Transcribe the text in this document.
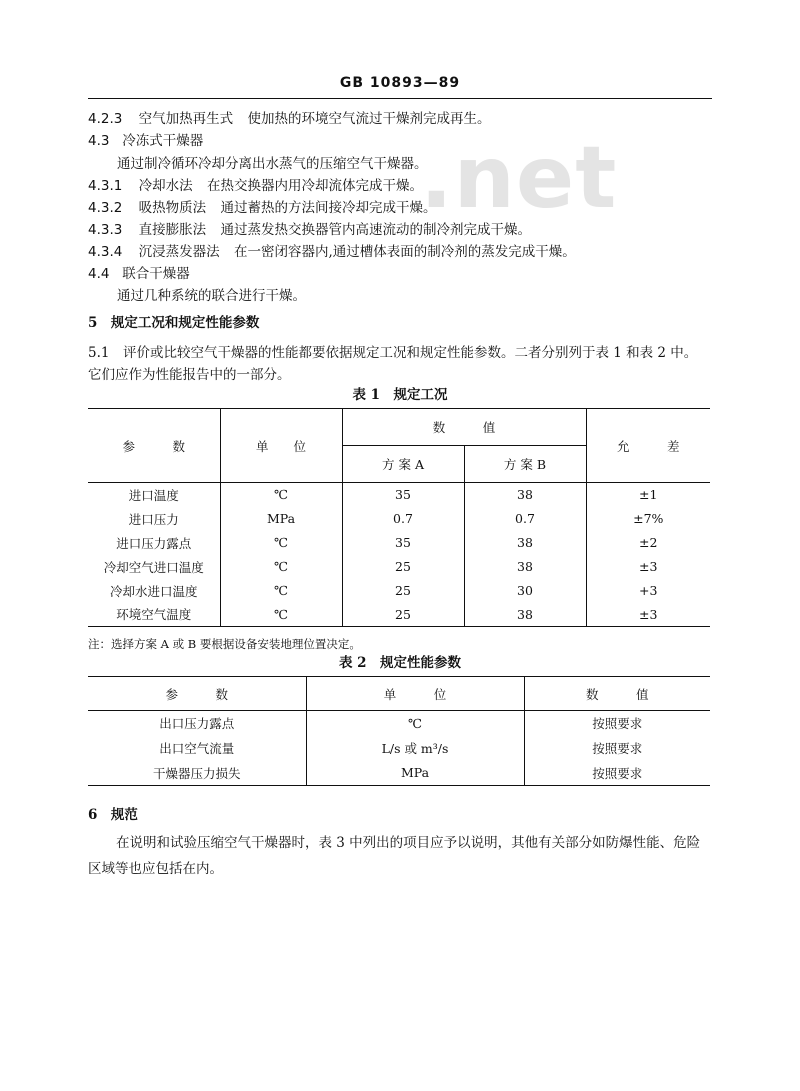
.net
GB 10893—89
4.2.3 空气加热再生式 使加热的环境空气流过干燥剂完成再生。
4.3 冷冻式干燥器
通过制冷循环冷却分离出水蒸气的压缩空气干燥器。
4.3.1 冷却水法 在热交换器内用冷却流体完成干燥。
4.3.2 吸热物质法 通过蓄热的方法间接冷却完成干燥。
4.3.3 直接膨胀法 通过蒸发热交换器管内高速流动的制冷剂完成干燥。
4.3.4 沉浸蒸发器法 在一密闭容器内,通过槽体表面的制冷剂的蒸发完成干燥。
4.4 联合干燥器
通过几种系统的联合进行干燥。
5　规定工况和规定性能参数
5.1　评价或比较空气干燥器的性能都要依据规定工况和规定性能参数。二者分别列于表 1 和表 2 中。
它们应作为性能报告中的一部分。
表 1　规定工况
参　　　数	单　　位	数　　　值		允　　　差
		方 案 A	方 案 B	
进口温度	℃	35	38	±1
进口压力	MPa	0.7	0.7	±7%
进口压力露点	℃	35	38	±2
冷却空气进口温度	℃	25	38	±3
冷却水进口温度	℃	25	30	+3
环境空气温度	℃	25	38	±3
注：选择方案 A 或 B 要根据设备安装地理位置决定。
表 2　规定性能参数
参　　　数	单　　　位	数　　　值
出口压力露点	℃	按照要求
出口空气流量	L/s 或 m³/s	按照要求
干燥器压力损失	MPa	按照要求
6　规范
在说明和试验压缩空气干燥器时，表 3 中列出的项目应予以说明，其他有关部分如防爆性能、危险区域等也应包括在内。
